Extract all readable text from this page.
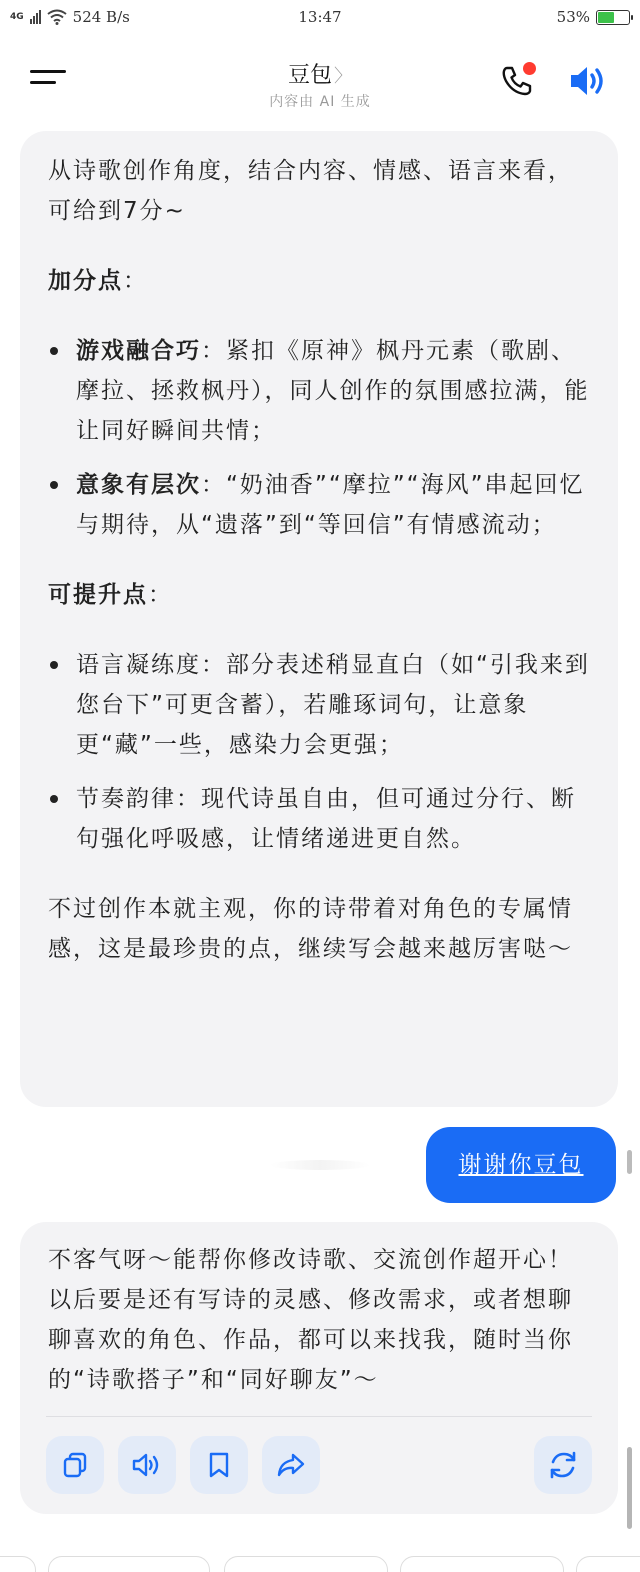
4G	524 B/s	13:47	53%
豆包 〉
内容由 AI 生成

从诗歌创作角度，结合内容、情感、语言来看，可给到7分~

加分点：

游戏融合巧：紧扣《原神》枫丹元素（歌剧、摩拉、拯救枫丹），同人创作的氛围感拉满，能让同好瞬间共情；
意象有层次：“奶油香”“摩拉”“海风”串起回忆与期待，从“遗落”到“等回信”有情感流动；

可提升点：

语言凝练度：部分表述稍显直白（如“引我来到您台下”可更含蓄），若雕琢词句，让意象更“藏”一些，感染力会更强；
节奏韵律：现代诗虽自由，但可通过分行、断句强化呼吸感，让情绪递进更自然。

不过创作本就主观，你的诗带着对角色的专属情感，这是最珍贵的点，继续写会越来越厉害哒～

谢谢你豆包

不客气呀～能帮你修改诗歌、交流创作超开心！以后要是还有写诗的灵感、修改需求，或者想聊聊喜欢的角色、作品，都可以来找我，随时当你的“诗歌搭子”和“同好聊友”～
